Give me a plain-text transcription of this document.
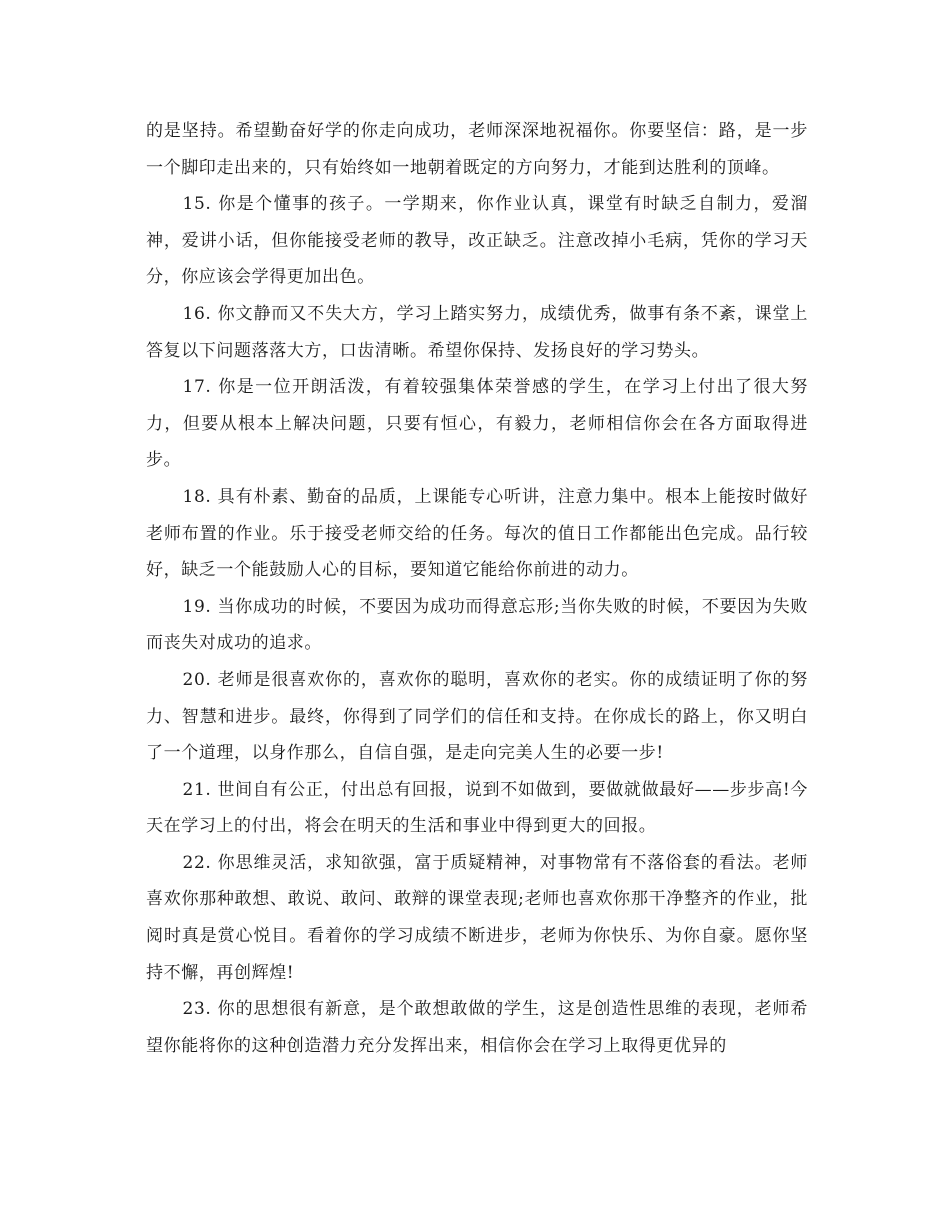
的是坚持。希望勤奋好学的你走向成功，老师深深地祝福你。你要坚信：路，是一步一个脚印走出来的，只有始终如一地朝着既定的方向努力，才能到达胜利的顶峰。

15. 你是个懂事的孩子。一学期来，你作业认真，课堂有时缺乏自制力，爱溜神，爱讲小话，但你能接受老师的教导，改正缺乏。注意改掉小毛病，凭你的学习天分，你应该会学得更加出色。

16. 你文静而又不失大方，学习上踏实努力，成绩优秀，做事有条不紊，课堂上答复以下问题落落大方，口齿清晰。希望你保持、发扬良好的学习势头。

17. 你是一位开朗活泼，有着较强集体荣誉感的学生，在学习上付出了很大努力，但要从根本上解决问题，只要有恒心，有毅力，老师相信你会在各方面取得进步。

18. 具有朴素、勤奋的品质，上课能专心听讲，注意力集中。根本上能按时做好老师布置的作业。乐于接受老师交给的任务。每次的值日工作都能出色完成。品行较好，缺乏一个能鼓励人心的目标，要知道它能给你前进的动力。

19. 当你成功的时候，不要因为成功而得意忘形;当你失败的时候，不要因为失败而丧失对成功的追求。

20. 老师是很喜欢你的，喜欢你的聪明，喜欢你的老实。你的成绩证明了你的努力、智慧和进步。最终，你得到了同学们的信任和支持。在你成长的路上，你又明白了一个道理，以身作那么，自信自强，是走向完美人生的必要一步!

21. 世间自有公正，付出总有回报，说到不如做到，要做就做最好——步步高!今天在学习上的付出，将会在明天的生活和事业中得到更大的回报。

22. 你思维灵活，求知欲强，富于质疑精神，对事物常有不落俗套的看法。老师喜欢你那种敢想、敢说、敢问、敢辩的课堂表现;老师也喜欢你那干净整齐的作业，批阅时真是赏心悦目。看着你的学习成绩不断进步，老师为你快乐、为你自豪。愿你坚持不懈，再创辉煌!

23. 你的思想很有新意，是个敢想敢做的学生，这是创造性思维的表现，老师希望你能将你的这种创造潜力充分发挥出来，相信你会在学习上取得更优异的
